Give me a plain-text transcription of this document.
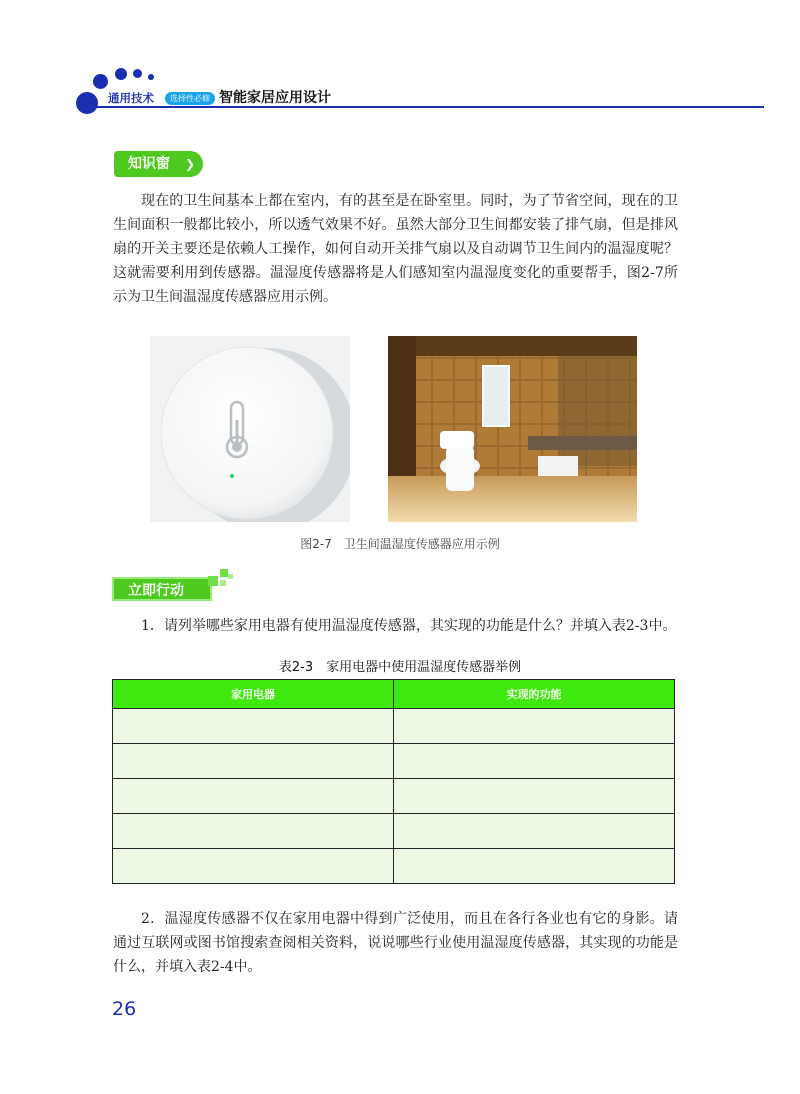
通用技术	选择性必修 智能家居应用设计
知识窗	❯

现在的卫生间基本上都在室内，有的甚至是在卧室里。同时，为了节省空间，现在的卫生间面积一般都比较小，所以透气效果不好。虽然大部分卫生间都安装了排气扇，但是排风扇的开关主要还是依赖人工操作，如何自动开关排气扇以及自动调节卫生间内的温湿度呢？这就需要利用到传感器。温湿度传感器将是人们感知室内温湿度变化的重要帮手，图2-7所示为卫生间温湿度传感器应用示例。

图2-7　卫生间温湿度传感器应用示例
立即行动

1．请列举哪些家用电器有使用温湿度传感器，其实现的功能是什么？并填入表2-3中。

表2-3　家用电器中使用温湿度传感器举例
家用电器	实现的功能

2．温湿度传感器不仅在家用电器中得到广泛使用，而且在各行各业也有它的身影。请通过互联网或图书馆搜索查阅相关资料，说说哪些行业使用温湿度传感器，其实现的功能是什么，并填入表2-4中。

26
